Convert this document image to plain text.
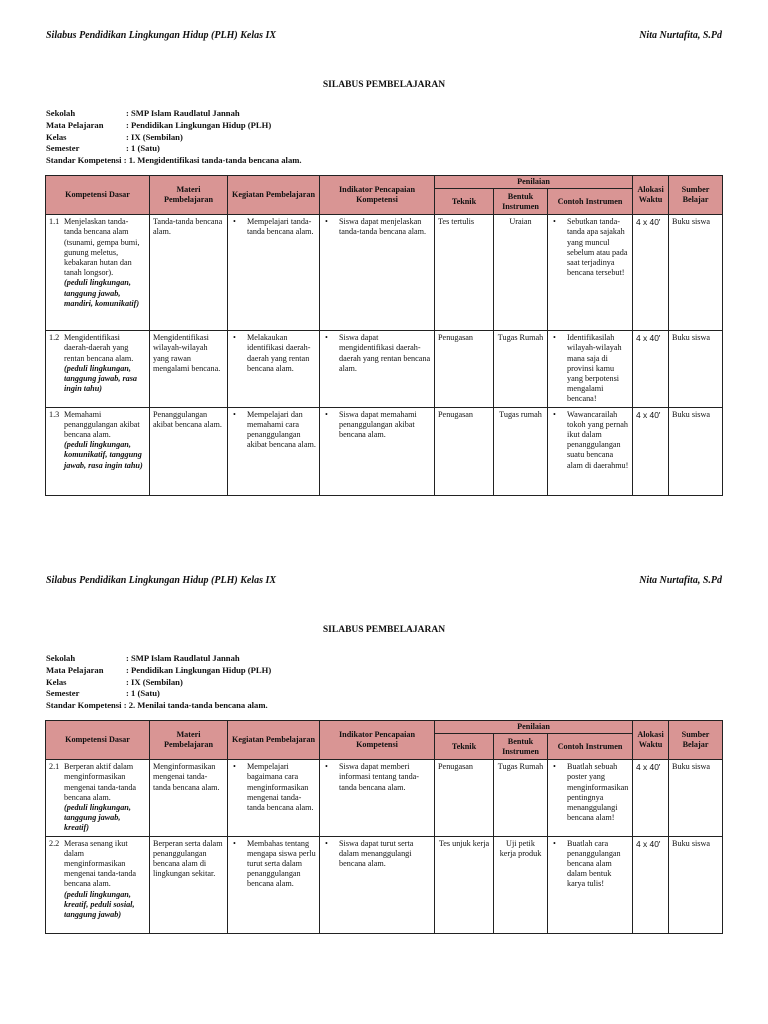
Silabus Pendidikan Lingkungan Hidup (PLH) Kelas IX	Nita Nurtafita, S.Pd
SILABUS PEMBELAJARAN
Sekolah	: SMP Islam Raudlatul Jannah
Mata Pelajaran	: Pendidikan Lingkungan Hidup (PLH)
Kelas	: IX (Sembilan)
Semester	: 1 (Satu)
Standar Kompetensi : 1. Mengidentifikasi tanda-tanda bencana alam.
Kompetensi Dasar	Materi Pembelajaran	Kegiatan Pembelajaran	Indikator Pencapaian Kompetensi	Penilaian			Alokasi Waktu	Sumber Belajar
				Teknik	Bentuk Instrumen	Contoh Instrumen		

1.1 Menjelaskan tanda-tanda bencana alam (tsunami, gempa bumi, gunung meletus, kebakaran hutan dan tanah longsor).
(peduli lingkungan, tanggung jawab, mandiri, komunikatif)	Tanda-tanda bencana alam.	• Mempelajari tanda-tanda bencana alam.	• Siswa dapat menjelaskan tanda-tanda bencana alam.	Tes tertulis	Uraian	• Sebutkan tanda-tanda apa sajakah yang muncul sebelum atau pada saat terjadinya bencana tersebut!	4 x 40'	Buku siswa

1.2 Mengidentifikasi daerah-daerah yang rentan bencana alam.
(peduli lingkungan, tanggung jawab, rasa ingin tahu)	Mengidentifikasi wilayah-wilayah yang rawan mengalami bencana.	• Melakaukan identifikasi daerah-daerah yang rentan bencana alam.	• Siswa dapat mengidentifikasi daerah-daerah yang rentan bencana alam.	Penugasan	Tugas Rumah	• Identifikasilah wilayah-wilayah mana saja di provinsi kamu yang berpotensi mengalami bencana!	4 x 40'	Buku siswa

1.3 Memahami penanggulangan akibat bencana alam.
(peduli lingkungan, komunikatif, tanggung jawab, rasa ingin tahu)	Penanggulangan akibat bencana alam.	• Mempelajari dan memahami cara penanggulangan akibat bencana alam.	• Siswa dapat memahami penanggulangan akibat bencana alam.	Penugasan	Tugas rumah	• Wawancarailah tokoh yang pernah ikut dalam penanggulangan suatu bencana alam di daerahmu!	4 x 40'	Buku siswa
Silabus Pendidikan Lingkungan Hidup (PLH) Kelas IX	Nita Nurtafita, S.Pd
SILABUS PEMBELAJARAN
Sekolah	: SMP Islam Raudlatul Jannah
Mata Pelajaran	: Pendidikan Lingkungan Hidup (PLH)
Kelas	: IX (Sembilan)
Semester	: 1 (Satu)
Standar Kompetensi : 2. Menilai tanda-tanda bencana alam.
Kompetensi Dasar	Materi Pembelajaran	Kegiatan Pembelajaran	Indikator Pencapaian Kompetensi	Penilaian			Alokasi Waktu	Sumber Belajar
				Teknik	Bentuk Instrumen	Contoh Instrumen		

2.1 Berperan aktif dalam menginformasikan mengenai tanda-tanda bencana alam.
(peduli lingkungan, tanggung jawab, kreatif)	Menginformasikan mengenai tanda-tanda bencana alam.	• Mempelajari bagaimana cara menginformasikan mengenai tanda-tanda bencana alam.	• Siswa dapat memberi informasi tentang tanda-tanda bencana alam.	Penugasan	Tugas Rumah	• Buatlah sebuah poster yang menginformasikan pentingnya menanggulangi bencana alam!	4 x 40'	Buku siswa

2.2 Merasa senang ikut dalam menginformasikan mengenai tanda-tanda bencana alam.
(peduli lingkungan, kreatif, peduli sosial, tanggung jawab)	Berperan serta dalam penanggulangan bencana alam di lingkungan sekitar.	• Membahas tentang mengapa siswa perlu turut serta dalam penanggulangan bencana alam.	• Siswa dapat turut serta dalam menanggulangi bencana alam.	Tes unjuk kerja	Uji petik kerja produk	• Buatlah cara penanggulangan bencana alam dalam bentuk karya tulis!	4 x 40'	Buku siswa
